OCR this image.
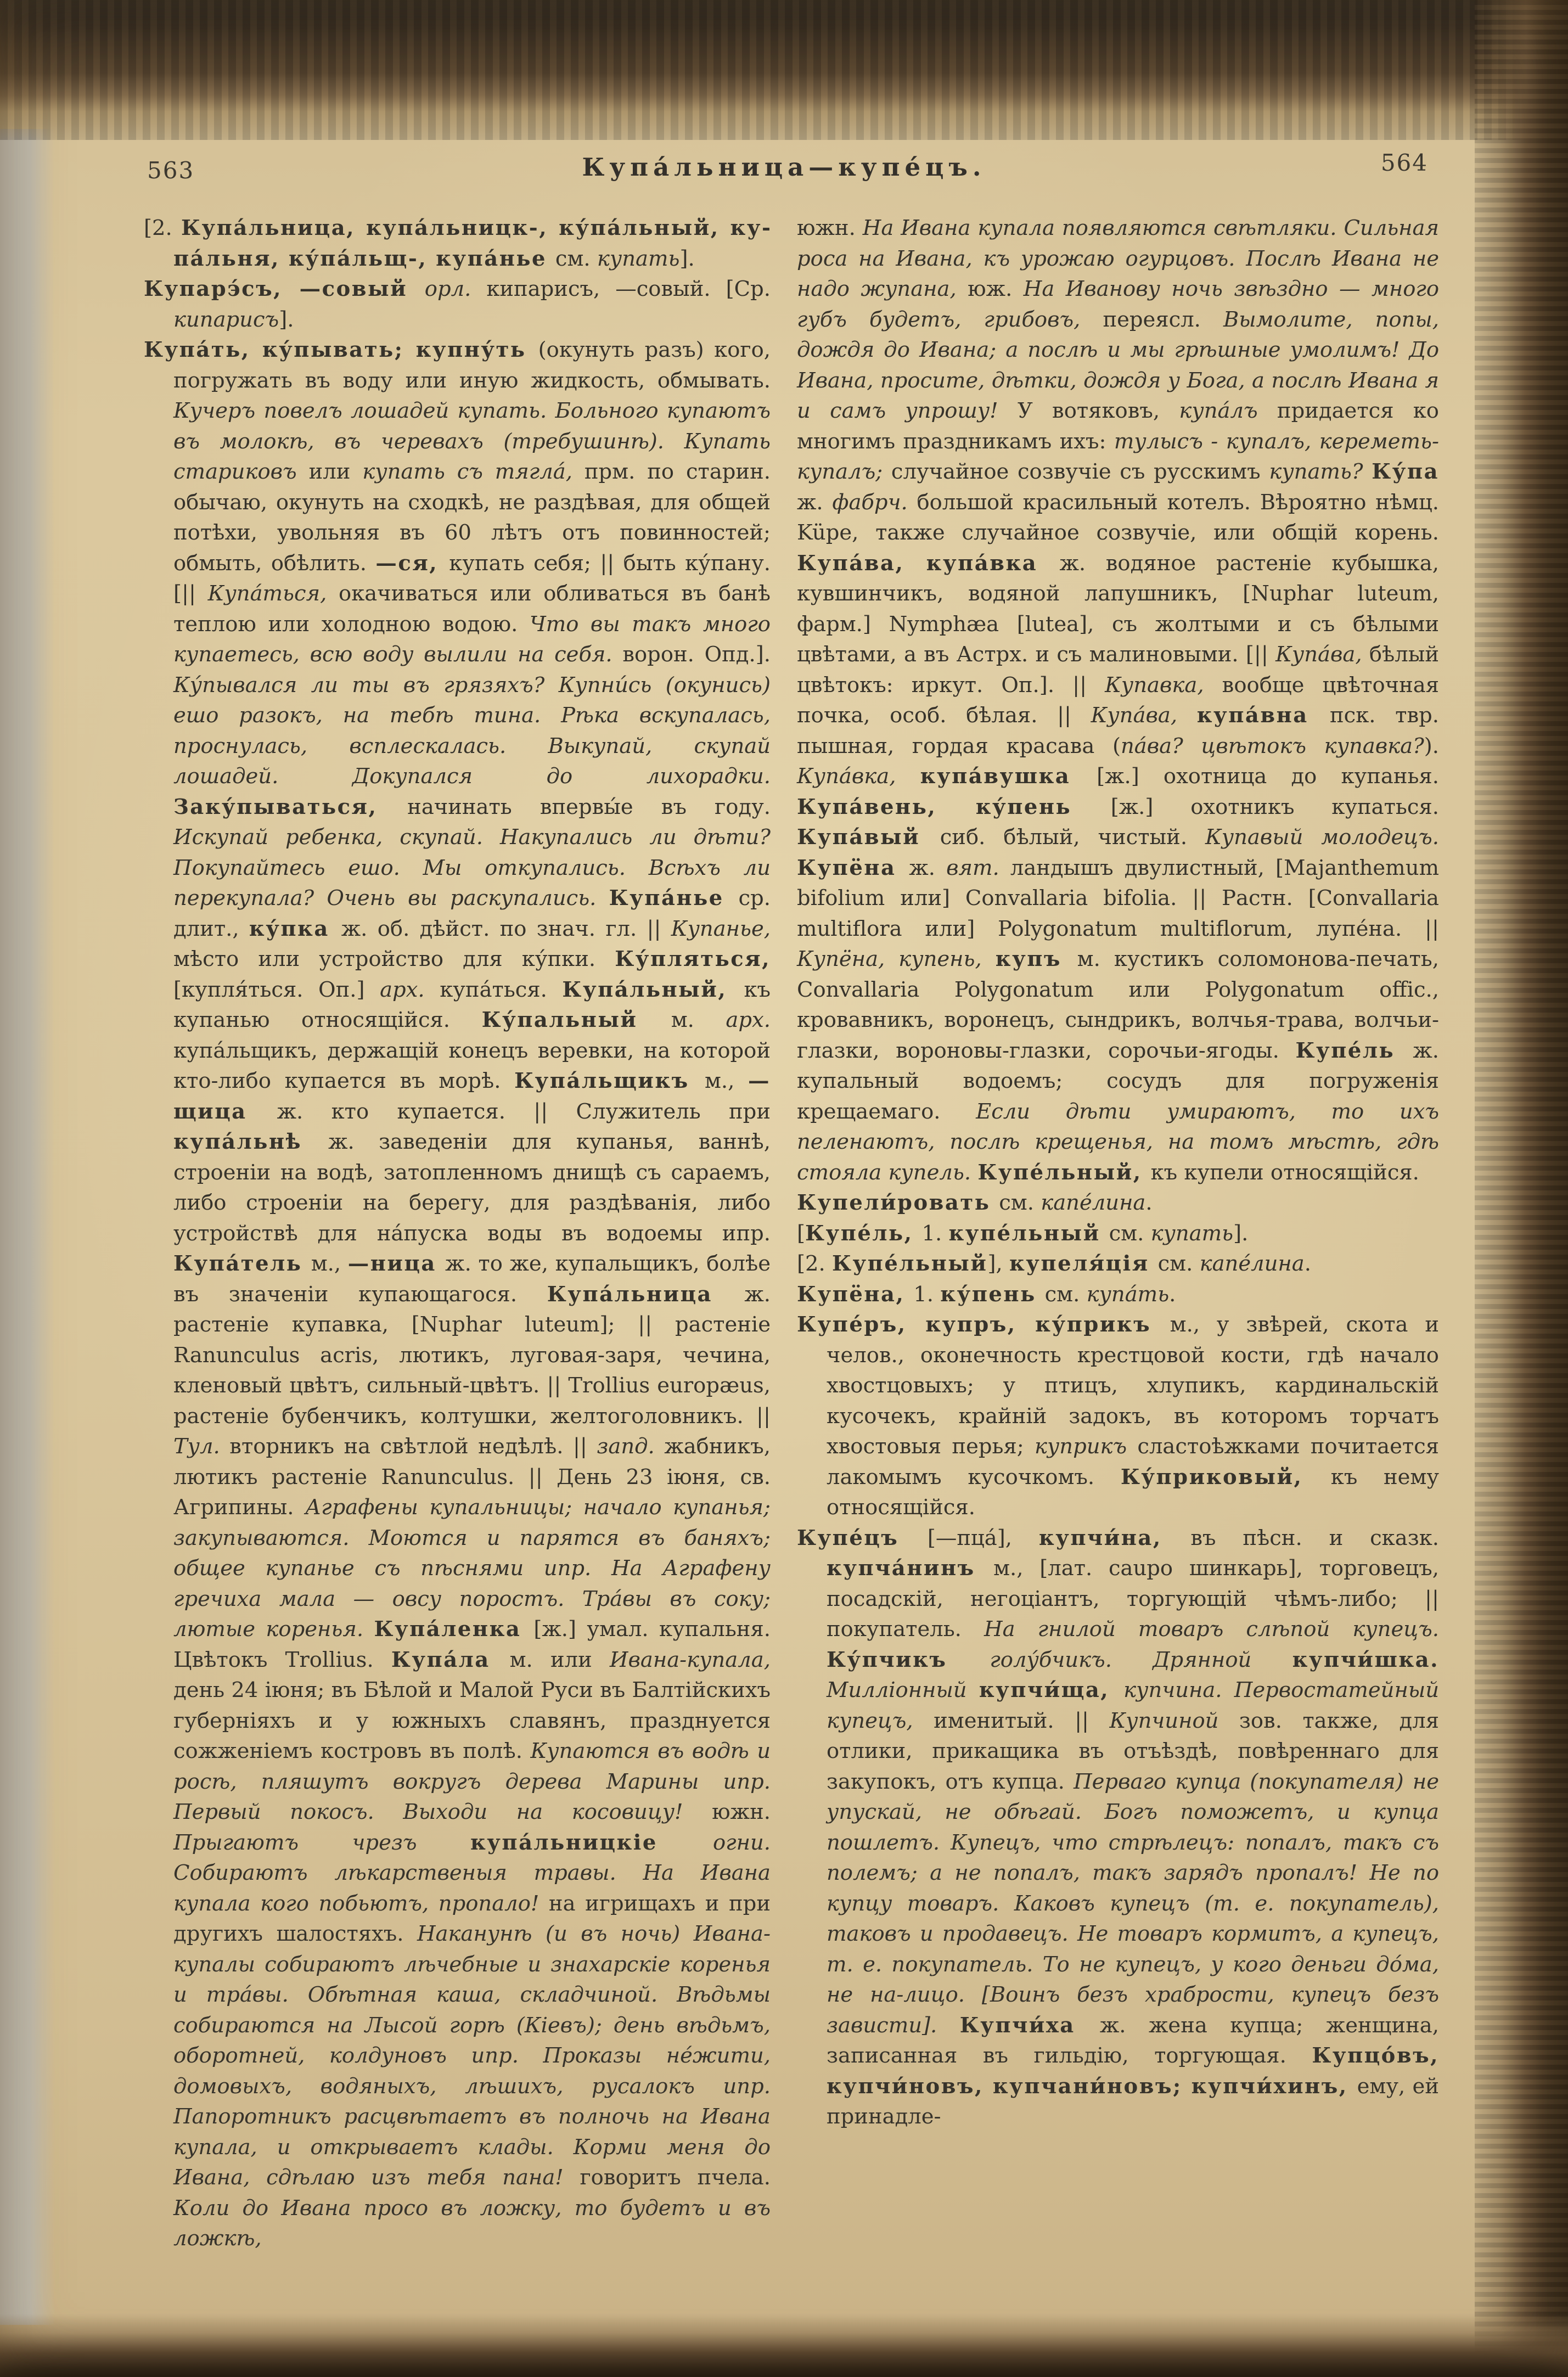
563	Купа́льница—купе́цъ.	564

[2. Купа́льница, купа́льницк-, ку́па́льный, купа́льня, ку́па́льщ-, купа́нье см. купать].

Купарэ́съ, —совый орл. кипарисъ, —совый. [Ср. кипарисъ].

Купа́ть, ку́пывать; купну́ть (окунуть разъ) кого, погружать въ воду или иную жидкость, обмывать. Кучеръ повелъ лошадей купать. Больного купаютъ въ молокѣ, въ черевахъ (требушинѣ). Купать стариковъ или купать съ тягла́, прм. по старин. обычаю, окунуть на сходкѣ, не раздѣвая, для общей потѣхи, увольняя въ 60 лѣтъ отъ повинностей; обмыть, обѣлить. —ся, купать себя; || быть ку́пану. [|| Купа́ться, окачиваться или обливаться въ банѣ теплою или холодною водою. Что вы такъ много купаетесь, всю воду вылили на себя. ворон. Опд.]. Ку́пывался ли ты въ грязяхъ? Купни́сь (окунись) ешо разокъ, на тебѣ тина. Рѣка вскупалась, проснулась, всплескалась. Выкупай, скупай лошадей. Докупался до лихорадки. Заку́пываться, начинать впервы́е въ году. Искупай ребенка, скупай. Накупались ли дѣти? Покупайтесь ешо. Мы откупались. Всѣхъ ли перекупала? Очень вы раскупались. Купа́нье ср. длит., ку́пка ж. об. дѣйст. по знач. гл. || Купанье, мѣсто или устройство для ку́пки. Ку́пляться, [купля́ться. Оп.] арх. купа́ться. Купа́льный, къ купанью относящійся. Ку́пальный м. арх. купа́льщикъ, держащій конецъ веревки, на которой кто-либо купается въ морѣ. Купа́льщикъ м., —щица ж. кто купается. || Служитель при купа́льнѣ ж. заведеніи для купанья, ваннѣ, строеніи на водѣ, затопленномъ днищѣ съ сараемъ, либо строеніи на берегу, для раздѣванія, либо устройствѣ для на́пуска воды въ водоемы ипр. Купа́тель м., —ница ж. то же, купальщикъ, болѣе въ значеніи купающагося. Купа́льница ж. растеніе купавка, [Nuphar luteum]; || растеніе Ranunculus acris, лютикъ, луговая-заря, чечина, кленовый цвѣтъ, сильный-цвѣтъ. || Trollius europæus, растеніе бубенчикъ, колтушки, желтоголовникъ. || Тул. вторникъ на свѣтлой недѣлѣ. || запд. жабникъ, лютикъ растеніе Ranunculus. || День 23 іюня, св. Агрипины. Аграфены купальницы; начало купанья; закупываются. Моются и парятся въ баняхъ; общее купанье съ пѣснями ипр. На Аграфену гречиха мала — овсу поростъ. Тра́вы въ соку; лютые коренья. Купа́ленка [ж.] умал. купальня. Цвѣтокъ Trollius. Купа́ла м. или Ивана-купала, день 24 іюня; въ Бѣлой и Малой Руси въ Балтійскихъ губерніяхъ и у южныхъ славянъ, празднуется сожженіемъ костровъ въ полѣ. Купаются въ водѣ и росѣ, пляшутъ вокругъ дерева Марины ипр. Первый покосъ. Выходи на косовицу! южн. Прыгаютъ чрезъ купа́льницкіе огни. Собираютъ лѣкарственыя травы. На Ивана купала кого побьютъ, пропало! на игрищахъ и при другихъ шалостяхъ. Наканунѣ (и въ ночь) Ивана-купалы собираютъ лѣчебные и знахарскіе коренья и тра́вы. Обѣтная каша, складчиной. Вѣдьмы собираются на Лысой горѣ (Кіевъ); день вѣдьмъ, оборотней, колдуновъ ипр. Проказы не́жити, домовыхъ, водяныхъ, лѣшихъ, русалокъ ипр. Папоротникъ расцвѣтаетъ въ полночь на Ивана купала, и открываетъ клады. Корми меня до Ивана, сдѣлаю изъ тебя пана! говоритъ пчела. Коли до Ивана просо въ ложку, то будетъ и въ ложкѣ,

южн. На Ивана купала появляются свѣтляки. Сильная роса на Ивана, къ урожаю огурцовъ. Послѣ Ивана не надо жупана, юж. На Иванову ночь звѣздно — много губъ будетъ, грибовъ, переясл. Вымолите, попы, дождя до Ивана; а послѣ и мы грѣшные умолимъ! До Ивана, просите, дѣтки, дождя у Бога, а послѣ Ивана я и самъ упрошу! У вотяковъ, купа́лъ придается ко многимъ праздникамъ ихъ: тулысъ - купалъ, кереметь-купалъ; случайное созвучіе съ русскимъ купать? Ку́па ж. фабрч. большой красильный котелъ. Вѣроятно нѣмц. Küpe, также случайное созвучіе, или общій корень. Купа́ва, купа́вка ж. водяное растеніе кубышка, кувшинчикъ, водяной лапушникъ, [Nuphar luteum, фарм.] Nymphæa [lutea], съ жолтыми и съ бѣлыми цвѣтами, а въ Астрх. и съ малиновыми. [|| Купа́ва, бѣлый цвѣтокъ: иркут. Оп.]. || Купавка, вообще цвѣточная почка, особ. бѣлая. || Купа́ва, купа́вна пск. твр. пышная, гордая красава (па́ва? цвѣтокъ купавка?). Купа́вка, купа́вушка [ж.] охотница до купанья. Купа́вень, ку́пень [ж.] охотникъ купаться. Купа́вый сиб. бѣлый, чистый. Купавый молодецъ. Купёна ж. вят. ландышъ двулистный, [Majanthemum bifolium или] Convallaria bifolia. || Растн. [Convallaria multiflora или] Polygonatum multiflorum, лупе́на. || Купёна, купень, купъ м. кустикъ соломонова-печать, Convallaria Polygonatum или Polygonatum offic., кровавникъ, воронецъ, сындрикъ, волчья-трава, волчьи-глазки, вороновы-глазки, сорочьи-ягоды. Купе́ль ж. купальный водоемъ; сосудъ для погруженія крещаемаго. Если дѣти умираютъ, то ихъ пеленаютъ, послѣ крещенья, на томъ мѣстѣ, гдѣ стояла купель. Купе́льный, къ купели относящійся.

Купели́ровать см. капе́лина.

[Купе́ль, 1. купе́льный см. купать].

[2. Купе́льный], купеля́ція см. капе́лина.

Купёна, 1. ку́пень см. купа́ть.

Купе́ръ, купръ, ку́прикъ м., у звѣрей, скота и челов., оконечность крестцовой кости, гдѣ начало хвостцовыхъ; у птицъ, хлупикъ, кардинальскій кусочекъ, крайній задокъ, въ которомъ торчатъ хвостовыя перья; куприкъ сластоѣжками почитается лакомымъ кусочкомъ. Ку́приковый, къ нему относящійся.

Купе́цъ [—пца́], купчи́на, въ пѣсн. и сказк. купча́нинъ м., [лат. caupo шинкарь], торговецъ, посадскій, негоціантъ, торгующій чѣмъ-либо; || покупатель. На гнилой товаръ слѣпой купецъ. Ку́пчикъ голу́бчикъ. Дрянной купчи́шка. Милліонный купчи́ща, купчина. Первостатейный купецъ, именитый. || Купчиной зов. также, для отлики, прикащика въ отъѣздѣ, повѣреннаго для закупокъ, отъ купца. Перваго купца (покупателя) не упускай, не обѣгай. Богъ поможетъ, и купца пошлетъ. Купецъ, что стрѣлецъ: попалъ, такъ съ полемъ; а не попалъ, такъ зарядъ пропалъ! Не по купцу товаръ. Каковъ купецъ (т. е. покупатель), таковъ и продавецъ. Не товаръ кормитъ, а купецъ, т. е. покупатель. То не купецъ, у кого деньги до́ма, не на-лицо. [Воинъ безъ храбрости, купецъ безъ зависти]. Купчи́ха ж. жена купца; женщина, записанная въ гильдію, торгующая. Купцо́въ, купчи́новъ, купчани́новъ; купчи́хинъ, ему, ей принадле-
